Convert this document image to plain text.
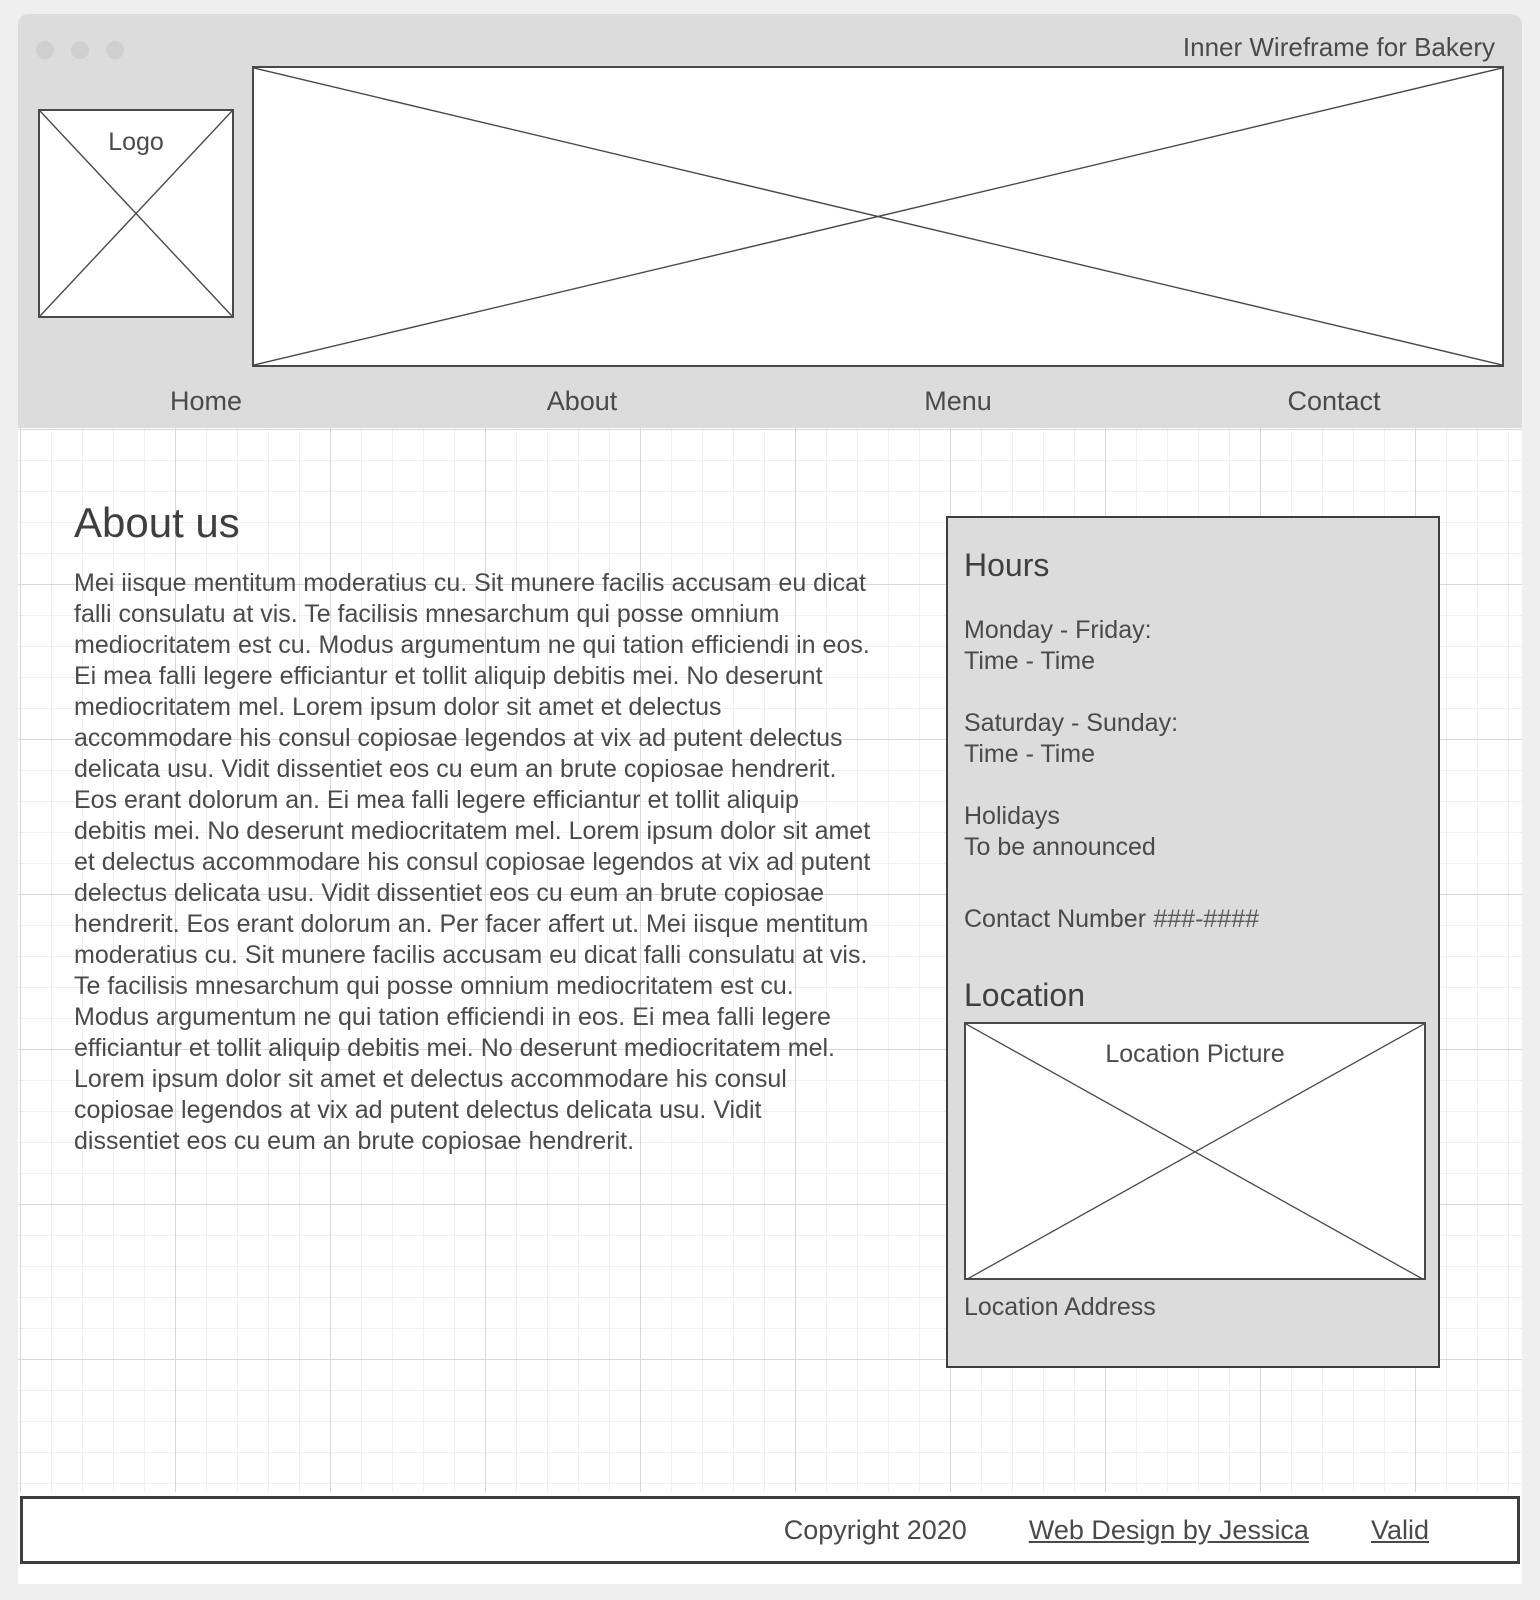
Inner Wireframe for Bakery
Logo
Home	About	Menu	Contact
About us

Mei iisque mentitum moderatius cu. Sit munere facilis accusam eu dicat falli consulatu at vis. Te facilisis mnesarchum qui posse omnium mediocritatem est cu. Modus argumentum ne qui tation efficiendi in eos. Ei mea falli legere efficiantur et tollit aliquip debitis mei. No deserunt mediocritatem mel. Lorem ipsum dolor sit amet et delectus accommodare his consul copiosae legendos at vix ad putent delectus delicata usu. Vidit dissentiet eos cu eum an brute copiosae hendrerit. Eos erant dolorum an. Ei mea falli legere efficiantur et tollit aliquip debitis mei. No deserunt mediocritatem mel. Lorem ipsum dolor sit amet et delectus accommodare his consul copiosae legendos at vix ad putent delectus delicata usu. Vidit dissentiet eos cu eum an brute copiosae hendrerit. Eos erant dolorum an. Per facer affert ut. Mei iisque mentitum moderatius cu. Sit munere facilis accusam eu dicat falli consulatu at vis. Te facilisis mnesarchum qui posse omnium mediocritatem est cu. Modus argumentum ne qui tation efficiendi in eos. Ei mea falli legere efficiantur et tollit aliquip debitis mei. No deserunt mediocritatem mel. Lorem ipsum dolor sit amet et delectus accommodare his consul copiosae legendos at vix ad putent delectus delicata usu. Vidit dissentiet eos cu eum an brute copiosae hendrerit.

Hours
Monday - Friday:
Time - Time
Saturday - Sunday:
Time - Time
Holidays
To be announced
Contact Number ###-####
Location
Location Picture
Location Address
Copyright 2020 Web Design by Jessica Valid
